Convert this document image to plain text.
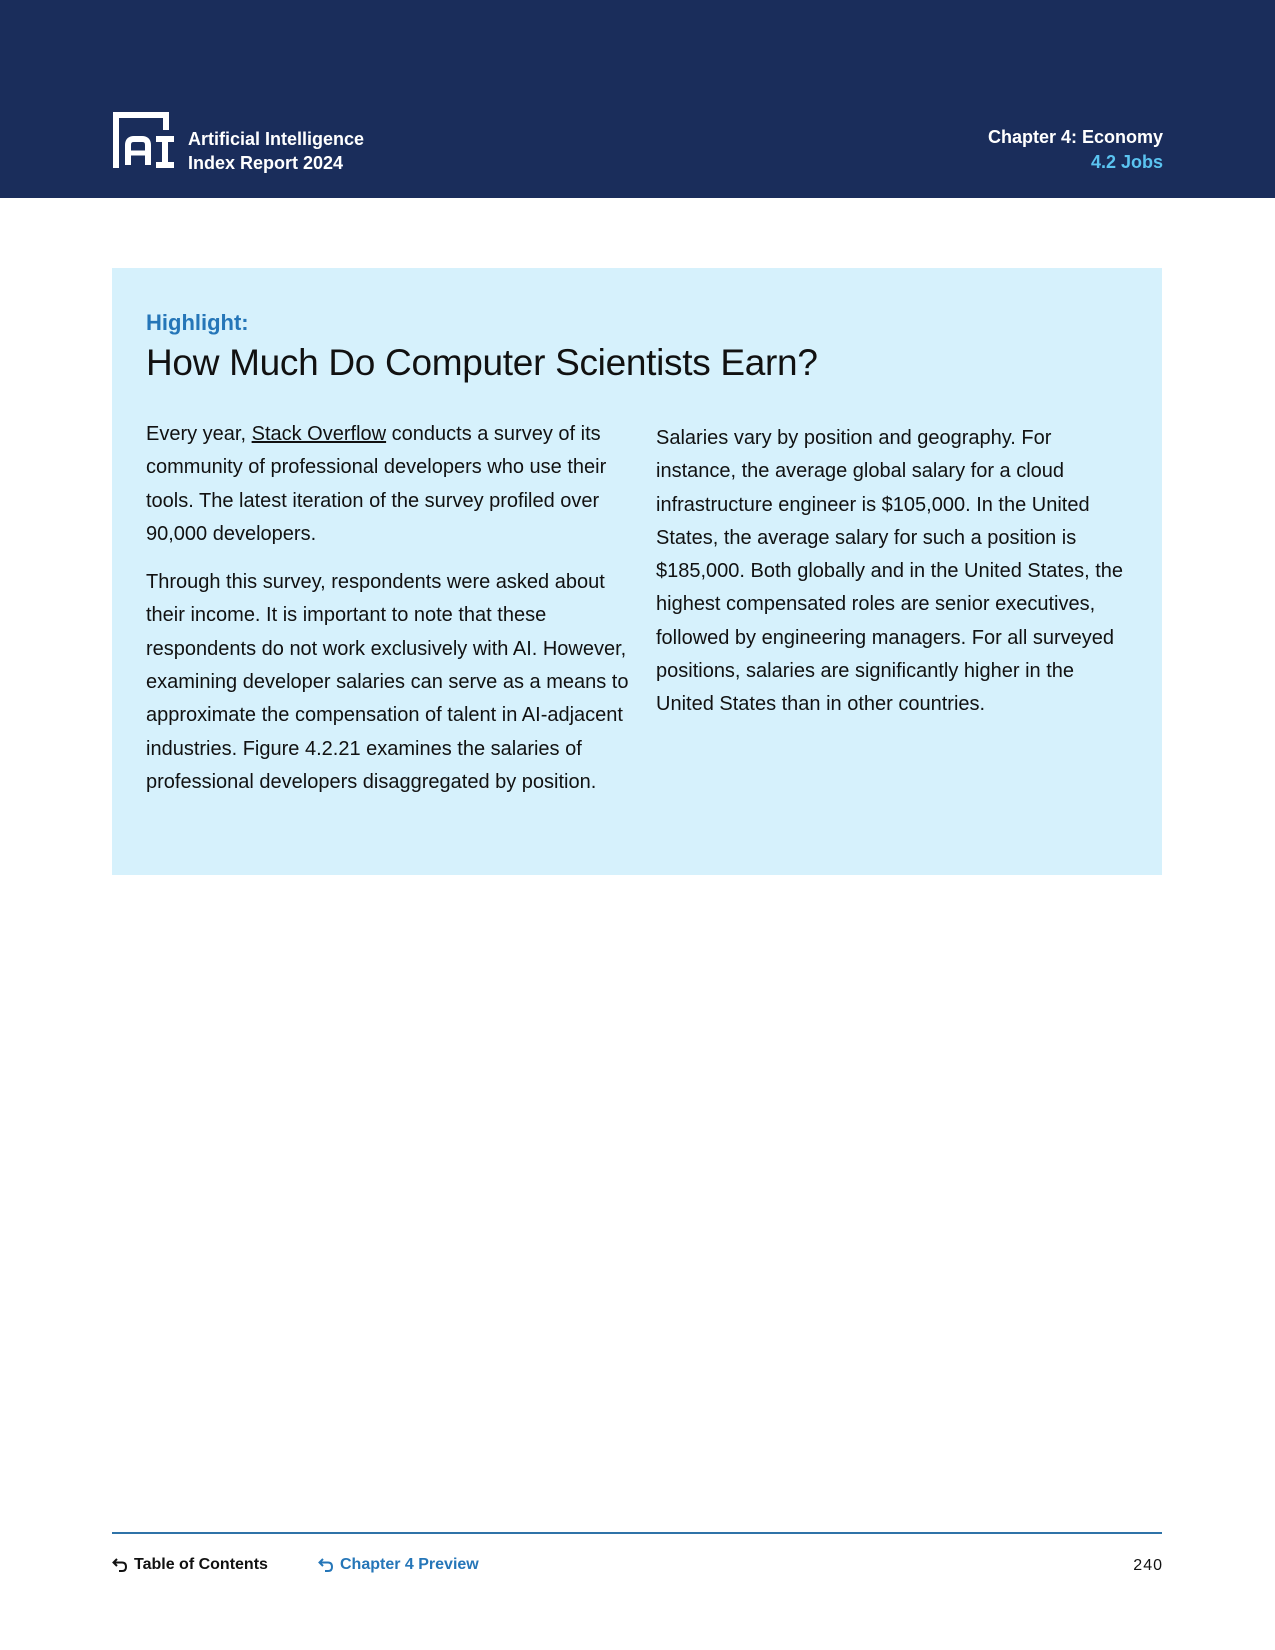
Artificial Intelligence
Index Report 2024
Chapter 4: Economy
4.2 Jobs
Highlight:
How Much Do Computer Scientists Earn?

Every year, Stack Overflow conducts a survey of its community of professional developers who use their tools. The latest iteration of the survey profiled over 90,000 developers.

Through this survey, respondents were asked about their income. It is important to note that these respondents do not work exclusively with AI. However, examining developer salaries can serve as a means to approximate the compensation of talent in AI-adjacent industries. Figure 4.2.21 examines the salaries of professional developers disaggregated by position.

Salaries vary by position and geography. For instance, the average global salary for a cloud infrastructure engineer is $105,000. In the United States, the average salary for such a position is $185,000. Both globally and in the United States, the highest compensated roles are senior executives, followed by engineering managers. For all surveyed positions, salaries are significantly higher in the United States than in other countries.

Table of Contents	Chapter 4 Preview	240
